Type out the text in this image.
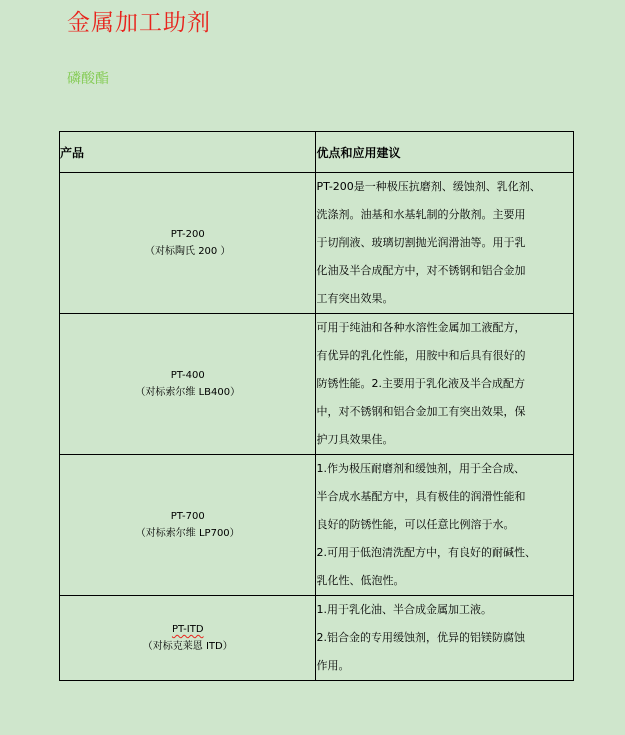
金属加工助剂
磷酸酯
产品	优点和应用建议

PT-200
（对标陶氏 200 ）	PT-200是一种极压抗磨剂、缓蚀剂、乳化剂、
洗涤剂。油基和水基轧制的分散剂。主要用
于切削液、玻璃切割抛光润滑油等。用于乳
化油及半合成配方中，对不锈钢和铝合金加
工有突出效果。

PT-400
（对标索尔维 LB400）	可用于纯油和各种水溶性金属加工液配方，
有优异的乳化性能，用胺中和后具有很好的
防锈性能。2.主要用于乳化液及半合成配方
中，对不锈钢和铝合金加工有突出效果，保
护刀具效果佳。

PT-700
（对标索尔维 LP700）	1.作为极压耐磨剂和缓蚀剂，用于全合成、
半合成水基配方中，具有极佳的润滑性能和
良好的防锈性能，可以任意比例溶于水。
2.可用于低泡清洗配方中，有良好的耐碱性、
乳化性、低泡性。

PT-ITD
（对标克莱恩 ITD）	1.用于乳化油、半合成金属加工液。
2.铝合金的专用缓蚀剂，优异的铝镁防腐蚀
作用。
